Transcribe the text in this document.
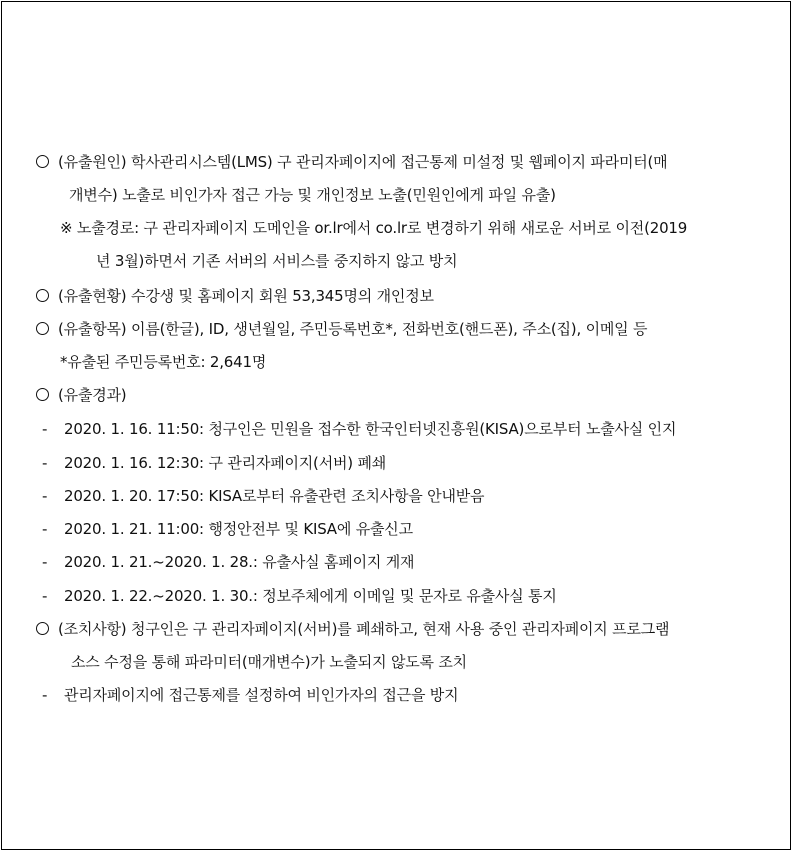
(유출원인) 학사관리시스템(LMS) 구 관리자페이지에 접근통제 미설정 및 웹페이지 파라미터(매
개변수) 노출로 비인가자 접근 가능 및 개인정보 노출(민원인에게 파일 유출)
※ 노출경로: 구 관리자페이지 도메인을 or.lr에서 co.lr로 변경하기 위해 새로운 서버로 이전(2019
년 3월)하면서 기존 서버의 서비스를 중지하지 않고 방치
(유출현황) 수강생 및 홈페이지 회원 53,345명의 개인정보
(유출항목) 이름(한글), ID, 생년월일, 주민등록번호*, 전화번호(핸드폰), 주소(집), 이메일 등
*유출된 주민등록번호: 2,641명
(유출경과)
- 2020. 1. 16. 11:50: 청구인은 민원을 접수한 한국인터넷진흥원(KISA)으로부터 노출사실 인지
- 2020. 1. 16. 12:30: 구 관리자페이지(서버) 폐쇄
- 2020. 1. 20. 17:50: KISA로부터 유출관련 조치사항을 안내받음
- 2020. 1. 21. 11:00: 행정안전부 및 KISA에 유출신고
- 2020. 1. 21.~2020. 1. 28.: 유출사실 홈페이지 게재
- 2020. 1. 22.~2020. 1. 30.: 정보주체에게 이메일 및 문자로 유출사실 통지
(조치사항) 청구인은 구 관리자페이지(서버)를 폐쇄하고, 현재 사용 중인 관리자페이지 프로그램
소스 수정을 통해 파라미터(매개변수)가 노출되지 않도록 조치
- 관리자페이지에 접근통제를 설정하여 비인가자의 접근을 방지
